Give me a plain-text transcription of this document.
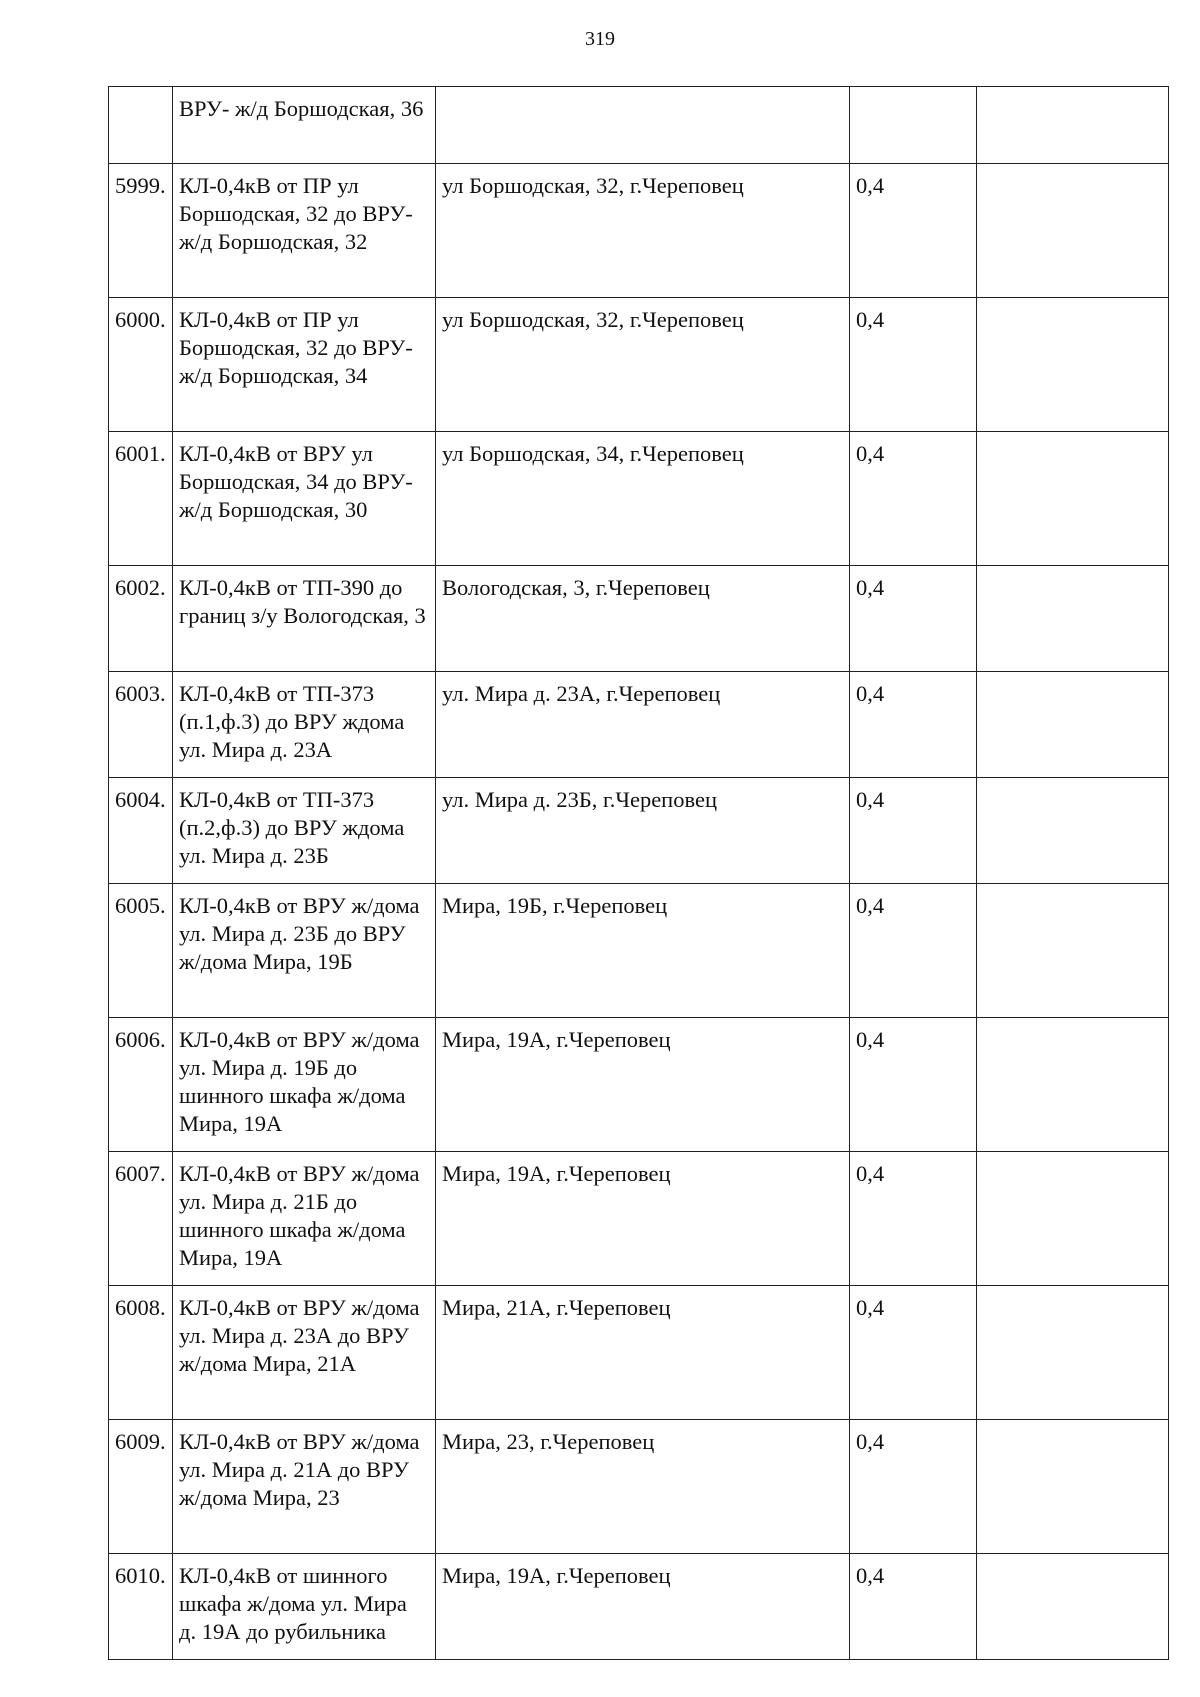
319
	ВРУ- ж/д Боршодская, 36			
5999.	КЛ-0,4кВ от ПР ул Боршодская, 32 до ВРУ- ж/д Боршодская, 32	ул Боршодская, 32, г.Череповец	0,4	
6000.	КЛ-0,4кВ от ПР ул Боршодская, 32 до ВРУ- ж/д Боршодская, 34	ул Боршодская, 32, г.Череповец	0,4	
6001.	КЛ-0,4кВ от ВРУ ул Боршодская, 34 до ВРУ- ж/д Боршодская, 30	ул Боршодская, 34, г.Череповец	0,4	
6002.	КЛ-0,4кВ от ТП-390 до границ з/у Вологодская, 3	Вологодская, 3, г.Череповец	0,4	
6003.	КЛ-0,4кВ от ТП-373 (п.1,ф.3) до ВРУ ждома ул. Мира д. 23А	ул. Мира д. 23А, г.Череповец	0,4	
6004.	КЛ-0,4кВ от ТП-373 (п.2,ф.3) до ВРУ ждома ул. Мира д. 23Б	ул. Мира д. 23Б, г.Череповец	0,4	
6005.	КЛ-0,4кВ от ВРУ ж/дома ул. Мира д. 23Б до ВРУ ж/дома Мира, 19Б	Мира, 19Б, г.Череповец	0,4	
6006.	КЛ-0,4кВ от ВРУ ж/дома ул. Мира д. 19Б до шинного шкафа ж/дома Мира, 19А	Мира, 19А, г.Череповец	0,4	
6007.	КЛ-0,4кВ от ВРУ ж/дома ул. Мира д. 21Б до шинного шкафа ж/дома Мира, 19А	Мира, 19А, г.Череповец	0,4	
6008.	КЛ-0,4кВ от ВРУ ж/дома ул. Мира д. 23А до ВРУ ж/дома Мира, 21А	Мира, 21А, г.Череповец	0,4	
6009.	КЛ-0,4кВ от ВРУ ж/дома ул. Мира д. 21А до ВРУ ж/дома Мира, 23	Мира, 23, г.Череповец	0,4	
6010.	КЛ-0,4кВ от шинного шкафа ж/дома ул. Мира д. 19А до рубильника	Мира, 19А, г.Череповец	0,4	
